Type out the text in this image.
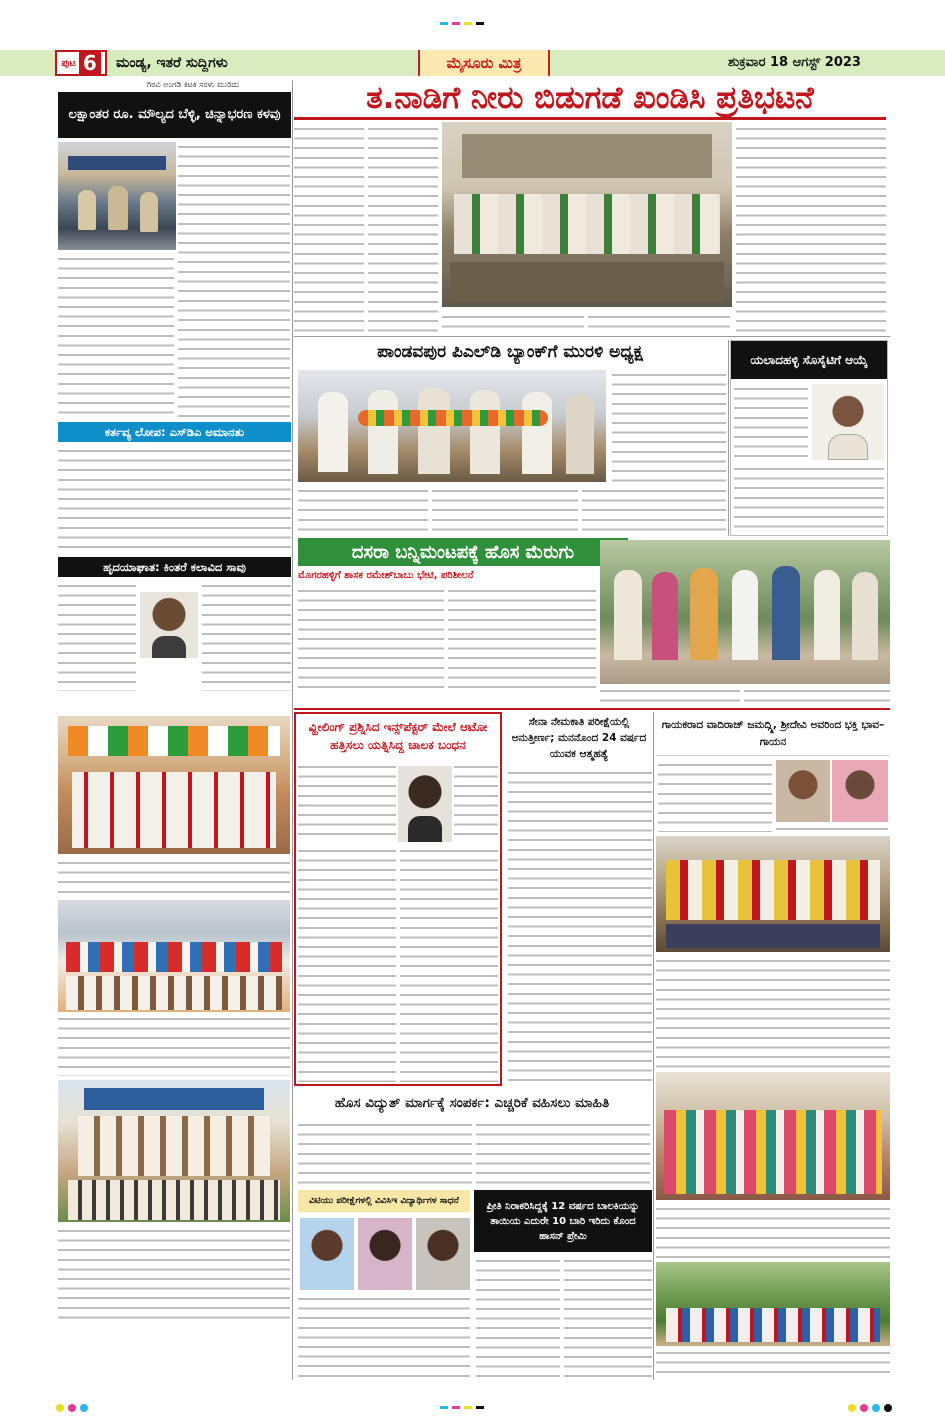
ಪುಟ 6 ಮಂಡ್ಯ, ಇತರೆ ಸುದ್ದಿಗಳು	ಮೈಸೂರು ಮಿತ್ರ	ಶುಕ್ರವಾರ 18 ಆಗಸ್ಟ್ 2023
ಗಿರವಿ ಅಂಗಡಿ ಕಿಟಕಿ ಸರಳು ಮುರಿದು
ಲಕ್ಷಾಂತರ ರೂ. ಮೌಲ್ಯದ ಬೆಳ್ಳಿ, ಚಿನ್ನಾಭರಣ ಕಳವು
ಕರ್ತವ್ಯ ಲೋಪ: ಎಸ್‌ಡಿಎ ಅಮಾನತು
ಹೃದಯಾಘಾತ: ಕಿಂತರೆ ಕಲಾವಿದ ಸಾವು
ತ.ನಾಡಿಗೆ ನೀರು ಬಿಡುಗಡೆ ಖಂಡಿಸಿ ಪ್ರತಿಭಟನೆ
ಪಾಂಡವಪುರ ಪಿಎಲ್‌ಡಿ ಬ್ಯಾಂಕ್‌ಗೆ ಮುರಳಿ ಅಧ್ಯಕ್ಷ	ಯಲಾದಹಳ್ಳಿ ಸೊಸೈಟಿಗೆ ಆಯ್ಕೆ
ದಸರಾ ಬನ್ನಿಮಂಟಪಕ್ಕೆ ಹೊಸ ಮೆರುಗು
ಮೊಗರಹಳ್ಳಿಗೆ ಶಾಸಕ ರಮೇಶ್‌ಬಾಬು ಭೇಟಿ, ಪರಿಶೀಲನೆ
ವ್ಹೀಲಿಂಗ್ ಪ್ರಶ್ನಿಸಿದ ಇನ್ಸ್‌ಪೆಕ್ಟರ್ ಮೇಲೆ ಆಟೋ ಹತ್ತಿಸಲು ಯತ್ನಿಸಿದ್ದ ಚಾಲಕ ಬಂಧನ
ಸೇನಾ ನೇಮಕಾತಿ ಪರೀಕ್ಷೆಯಲ್ಲಿ ಅನುತ್ತೀರ್ಣ; ಮನನೊಂದ 24 ವರ್ಷದ ಯುವಕ ಆತ್ಮಹತ್ಯೆ
ಗಾಯಕರಾದ ವಾದಿರಾಜ್ ಜಮದ್ಗ್ನಿ, ಶ್ರೀದೇವಿ ಅವರಿಂದ ಭಕ್ತಿ ಭಾವ– ಗಾಯನ
ಹೊಸ ವಿದ್ಯುತ್ ಮಾರ್ಗಕ್ಕೆ ಸಂಪರ್ಕ: ಎಚ್ಚರಿಕೆ ವಹಿಸಲು ಮಾಹಿತಿ
ವಿಟಿಯು ಪರೀಕ್ಷೆಗಳಲ್ಲಿ ವಿವಿಸಿಇ ವಿದ್ಯಾರ್ಥಿಗಳ ಸಾಧನೆ	ಪ್ರೀತಿ ನಿರಾಕರಿಸಿದ್ದಕ್ಕೆ 12 ವರ್ಷದ ಬಾಲಕಿಯನ್ನು ತಾಯಿಯ ಎದುರೇ 10 ಬಾರಿ ಇರಿದು ಕೊಂದ ಹಾಸನ್ ಪ್ರೇಮಿ
